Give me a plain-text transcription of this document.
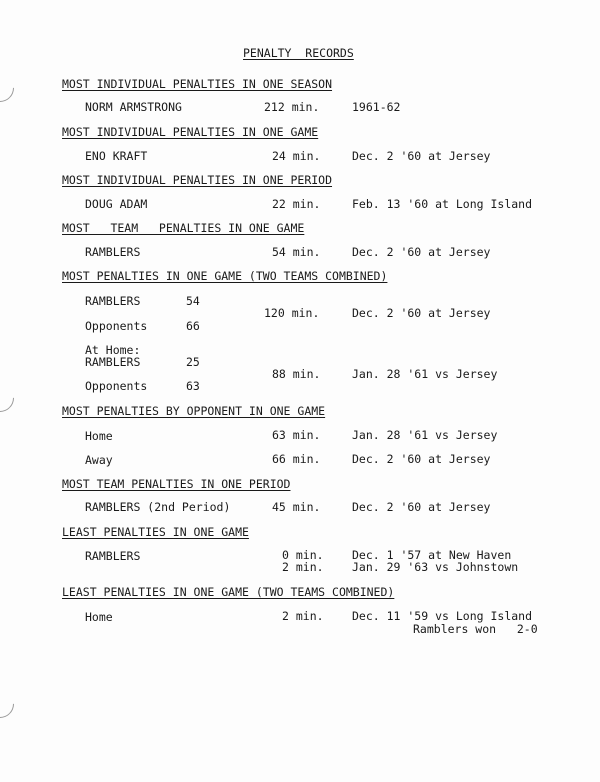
PENALTY  RECORDS
MOST INDIVIDUAL PENALTIES IN ONE SEASON
NORM ARMSTRONG	212 min.	1961-62
MOST INDIVIDUAL PENALTIES IN ONE GAME
ENO KRAFT	24 min.	Dec. 2 '60 at Jersey
MOST INDIVIDUAL PENALTIES IN ONE PERIOD
DOUG ADAM	22 min.	Feb. 13 '60 at Long Island
MOST   TEAM   PENALTIES IN ONE GAME
RAMBLERS	54 min.	Dec. 2 '60 at Jersey
MOST PENALTIES IN ONE GAME (TWO TEAMS COMBINED)
RAMBLERS	54
Opponents	66
120 min.	Dec. 2 '60 at Jersey
At Home:
RAMBLERS	25
Opponents	63
88 min.	Jan. 28 '61 vs Jersey
MOST PENALTIES BY OPPONENT IN ONE GAME
Home	63 min.	Jan. 28 '61 vs Jersey
Away	66 min.	Dec. 2 '60 at Jersey
MOST TEAM PENALTIES IN ONE PERIOD
RAMBLERS (2nd Period)	45 min.	Dec. 2 '60 at Jersey
LEAST PENALTIES IN ONE GAME
RAMBLERS	0 min. Dec. 1 '57 at New Haven
2 min. Jan. 29 '63 vs Johnstown
LEAST PENALTIES IN ONE GAME (TWO TEAMS COMBINED)
Home	2 min. Dec. 11 '59 vs Long Island
Ramblers won   2-0
